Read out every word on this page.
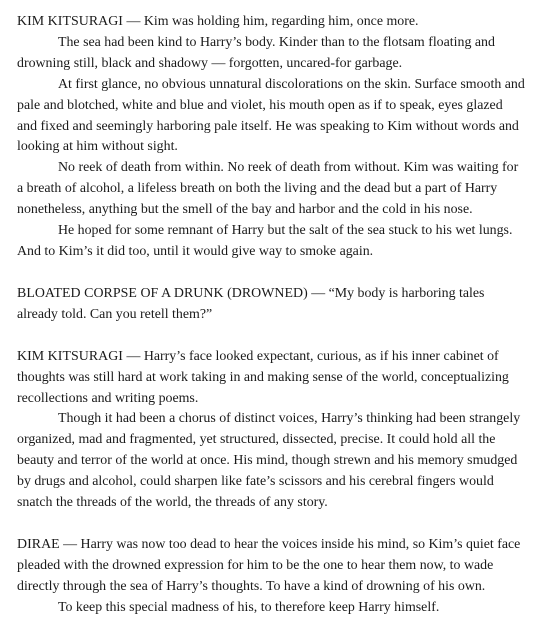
KIM KITSURAGI — Kim was holding him, regarding him, once more.

The sea had been kind to Harry’s body. Kinder than to the flotsam floating and drowning still, black and shadowy — forgotten, uncared-for garbage.

At first glance, no obvious unnatural discolorations on the skin. Surface smooth and pale and blotched, white and blue and violet, his mouth open as if to speak, eyes glazed and fixed and seemingly harboring pale itself. He was speaking to Kim without words and looking at him without sight.

No reek of death from within. No reek of death from without. Kim was waiting for a breath of alcohol, a lifeless breath on both the living and the dead but a part of Harry nonetheless, anything but the smell of the bay and harbor and the cold in his nose.

He hoped for some remnant of Harry but the salt of the sea stuck to his wet lungs. And to Kim’s it did too, until it would give way to smoke again.

BLOATED CORPSE OF A DRUNK (DROWNED) — “My body is harboring tales already told. Can you retell them?”

KIM KITSURAGI — Harry’s face looked expectant, curious, as if his inner cabinet of thoughts was still hard at work taking in and making sense of the world, conceptualizing recollections and writing poems.

Though it had been a chorus of distinct voices, Harry’s thinking had been strangely organized, mad and fragmented, yet structured, dissected, precise. It could hold all the beauty and terror of the world at once. His mind, though strewn and his memory smudged by drugs and alcohol, could sharpen like fate’s scissors and his cerebral fingers would snatch the threads of the world, the threads of any story.

DIRAE — Harry was now too dead to hear the voices inside his mind, so Kim’s quiet face pleaded with the drowned expression for him to be the one to hear them now, to wade directly through the sea of Harry’s thoughts. To have a kind of drowning of his own.

To keep this special madness of his, to therefore keep Harry himself.
